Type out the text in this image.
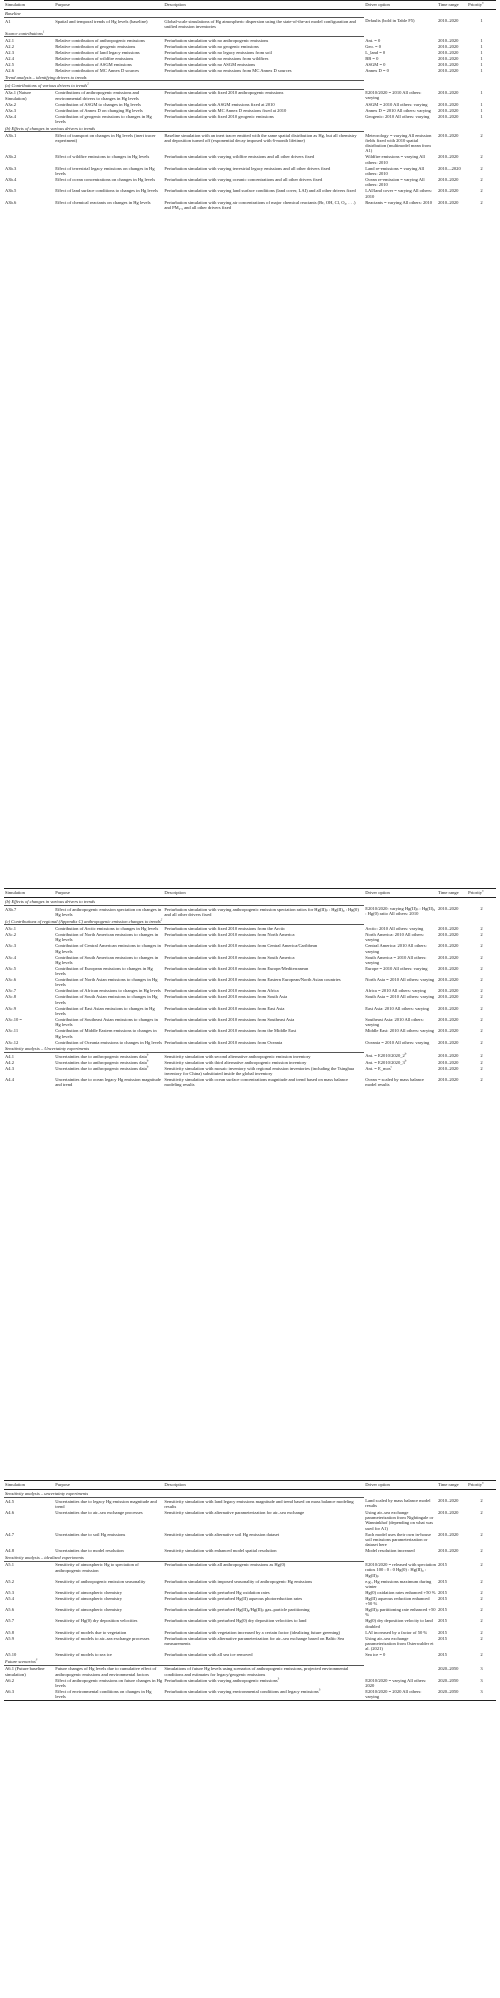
Simulation	Purpose	Description	Driver option	Time range	Priority$^a$
Baseline					
A1	Spatial and temporal trends of Hg levels (baseline)	Global-scale simulations of Hg atmospheric dispersion using the state-of-the-art model configuration and unified emission inventories	Defaults (bold in Table F5)	2010–2020	1
Source contributions$^1$	
A2.1	Relative contribution of anthropogenic emissions	Perturbation simulation with no anthropogenic emissions	Ant. = 0	2010–2020	1
A2.2	Relative contribution of geogenic emissions	Perturbation simulation with no geogenic emissions	Geo. = 0	2010–2020	1
A2.3	Relative contribution of land legacy emissions	Perturbation simulation with no legacy emissions from soil	L_land = 0	2010–2020	1
A2.4	Relative contribution of wildfire emissions	Perturbation simulation with no emissions from wildfires	BB = 0	2010–2020	1
A2.5	Relative contribution of ASGM emissions	Perturbation simulation with no ASGM emissions	ASGM = 0	2010–2020	1
A2.6	Relative contribution of MC Annex D sources	Perturbation simulation with no emissions from MC Annex D sources	Annex D = 0	2010–2020	1
Trend analysis – identifying drivers to trends					
(a) Contributions of various drivers to trends$^2$	
A3a.1 (Nature Simulation)	Contributions of anthropogenic emissions and environmental drivers to changes in Hg levels	Perturbation simulation with fixed 2010 anthropogenic emissions	E2010/2020 = 2010 All others: varying	2010–2020	1
A3a.2	Contribution of ASGM to changes in Hg levels	Perturbation simulation with ASGM emissions fixed at 2010	ASGM = 2010 All others: varying	2010–2020	1
A3a.3	Contribution of Annex D on changing Hg levels	Perturbation simulation with MC Annex D emissions fixed at 2010	Annex D = 2010 All others: varying	2010–2020	1
A3a.4	Contribution of geogenic emissions to changes in Hg levels	Perturbation simulation with fixed 2010 geogenic emissions	Geogenic: 2010 All others: varying	2010–2020	1
(b) Effects of changes in various drivers to trends					
A3b.1	Effect of transport on changes in Hg levels (inert tracer experiment)	Baseline simulation with an inert tracer emitted with the same spatial distribution as Hg, but all chemistry and deposition turned off (exponential decay imposed with 6-month lifetime)	Meteorology = varying All emission fields fixed with 2010 spatial distribution (multimodel mean from A1)	2010–2020	2
A3b.2	Effect of wildfire emissions to changes in Hg levels	Perturbation simulation with varying wildfire emissions and all other drivers fixed	Wildfire emissions = varying All others: 2010	2010–2020	2
A3b.3	Effect of terrestrial legacy emissions on changes in Hg levels	Perturbation simulation with varying terrestrial legacy emissions and all other drivers fixed	Land re-emissions = varying All others: 2010	2010—2020	2
A3b.4	Effect of ocean concentrations on changes in Hg levels	Perturbation simulation with varying oceanic concentrations and all other drivers fixed	Ocean re-emission = varying All others: 2010	2010–2020	2
A3b.5	Effect of land surface conditions to changes in Hg levels	Perturbation simulation with varying land surface conditions (land cover, LAI) and all other drivers fixed	LAI/land cover = varying All others: 2010	2010–2020	2
A3b.6	Effect of chemical reactants on changes in Hg levels	Perturbation simulation with varying air concentrations of major chemical reactants (Br, OH, Cl, O₃, . . .) and PM₂.₅ and all other drivers fixed	Reactants = varying All others: 2010	2010–2020	2
Simulation	Purpose	Description	Driver option	Time range	Priority$^a$
(b) Effects of changes in various drivers to trends					
A3b.7	Effect of anthropogenic emission speciation on changes in Hg levels	Perturbation simulation with varying anthropogenic emission speciation ratios for Hg(II)ₚ : Hg(II)₉ : Hg(0) and all other drivers fixed	E2010/2020: varying Hg(II)ₚ : Hg(II)₉ : Hg(0) ratio All others: 2010	2010–2020	2
(c) Contributions of regional (Appendix C) anthropogenic emission changes to trends$^2$	
A3c.1	Contribution of Arctic emissions to changes in Hg levels	Perturbation simulation with fixed 2010 emissions from the Arctic	Arctic: 2010 All others: varying	2010–2020	2
A3c.2	Contribution of North American emissions to changes in Hg levels	Perturbation simulation with fixed 2010 emissions from North America	North America: 2010 All others: varying	2010–2020	2
A3c.3	Contribution of Central American emissions to changes in Hg levels	Perturbation simulation with fixed 2010 emissions from Central America/Caribbean	Central America: 2010 All others: varying	2010–2020	2
A3c.4	Contribution of South American emissions to changes in Hg levels	Perturbation simulation with fixed 2010 emissions from South America	South America = 2010 All others: varying	2010–2020	2
A3c.5	Contribution of European emissions to changes in Hg levels	Perturbation simulation with fixed 2010 emissions from Europe/Mediterranean	Europe = 2010 All others: varying	2010–2020	2
A3c.6	Contribution of North Asian emissions to changes in Hg levels	Perturbation simulation with fixed 2010 emissions from Eastern European/North Asian countries	North Asia = 2010 All others: varying	2010–2020	2
A3c.7	Contribution of African emissions to changes in Hg levels	Perturbation simulation with fixed 2010 emissions from Africa	Africa = 2010 All others: varying	2010–2020	2
A3c.8	Contribution of South Asian emissions to changes in Hg levels	Perturbation simulation with fixed 2010 emissions from South Asia	South Asia = 2010 All others: varying	2010–2020	2
A3c.9	Contribution of East Asian emissions to changes in Hg levels	Perturbation simulation with fixed 2010 emissions from East Asia	East Asia: 2010 All others: varying	2010–2020	2
A3c.10 =	Contribution of Southeast Asian emissions to changes in Hg levels	Perturbation simulation with fixed 2010 emissions from Southeast Asia	Southeast Asia: 2010 All others: varying	2010–2020	2
A3c.11	Contribution of Middle Eastern emissions to changes in Hg levels	Perturbation simulation with fixed 2010 emissions from the Middle East	Middle East: 2010 All others: varying	2010–2020	2
A3c.12	Contribution of Oceania emissions to changes in Hg levels	Perturbation simulation with fixed 2010 emissions from Oceania	Oceania = 2010 All others: varying	2010–2020	2
Sensitivity analysis – Uncertainty experiments					
A4.1	Uncertainties due to anthropogenic emissions data$^b$	Sensitivity simulation with second alternative anthropogenic emission inventory	Ant. = $E2010/2020\_2^b$	2010–2020	2
A4.2	Uncertainties due to anthropogenic emissions data$^b$	Sensitivity simulation with third alternative anthropogenic emission inventory	Ant. = $E2010/2020\_3^b$	2010–2020	2
A4.3	Uncertainties due to anthropogenic emissions data$^b$	Sensitivity simulation with mosaic inventory with regional emission inventories (including the Tsinghua inventory for China) substituted inside the global inventory	Ant. = E_mos$^c$	2010–2020	2
A4.4	Uncertainties due to ocean legacy Hg emission magnitude and trend	Sensitivity simulation with ocean surface concentrations magnitude and trend based on mass balance modeling results	Ocean = scaled by mass balance model results	2010–2020	2
Simulation	Purpose	Description	Driver option	Time range	Priority$^a$
Sensitivity analysis – uncertainty experiments					
A4.5	Uncertainties due to legacy Hg emission magnitude and trend	Sensitivity simulation with land legacy emissions magnitude and trend based on mass balance modeling results	Land scaled by mass balance model results	2010–2020	2
A4.6	Uncertainties due to air–sea exchange processes	Sensitivity simulation with alternative parameterization for air–sea exchange	Using air–sea exchange parameterization from Nightingale or Wanninkhof (depending on what was used for A1)	2010–2020	2
A4.7	Uncertainties due to soil Hg emissions	Sensitivity simulation with alternative soil Hg emission dataset	Each model uses their own in-house soil emissions parameterization or dataset here	2010–2020	2
A4.8	Uncertainties due to model resolution	Sensitivity simulation with enhanced model spatial resolution	Model resolution increased	2010–2020	2
Sensitivity analysis – idealized experiments					
A5.1	Sensitivity of atmospheric Hg to speciation of anthropogenic emission	Perturbation simulation with all anthropogenic emissions as Hg(0)	E2010/2020 = released with speciation ratios 100 : 0 : 0 Hg(0) : Hg(II)₉ : Hg(II)ₚ	2015	2
A5.2	Sensitivity of anthropogenic emission seasonality	Perturbation simulation with imposed seasonality of anthropogenic Hg emissions	e.g., Hg emissions maximum during winter	2015	2
A5.3	Sensitivity of atmospheric chemistry	Perturbation simulation with perturbed Hg oxidation rates	Hg(0) oxidation rates enhanced +50 %	2015	2
A5.4	Sensitivity of atmospheric chemistry	Perturbation simulation with perturbed Hg(II) aqueous photoreduction rates	Hg(II) aqueous reduction enhanced +50 %	2015	2
A5.6	Sensitivity of atmospheric chemistry	Perturbation simulation with perturbed Hg(II)₉/Hg(II)ₚ gas–particle partitioning	Hg(II)ₚ partitioning rate enhanced +50 %	2015	2
A5.7	Sensitivity of Hg(0) dry deposition velocities	Perturbation simulation with perturbed Hg(0) dry deposition velocities to land	Hg(0) dry deposition velocity to land doubled	2015	2
A5.8	Sensitivity of models due to vegetation	Perturbation simulation with vegetation increased by a certain factor (idealizing future greening)	LAI increased by a factor of 50 %	2015	2
A5.9	Sensitivity of models to air–sea exchange processes	Perturbation simulation with alternative parameterization for air–sea exchange based on Baltic Sea measurements	Using air–sea exchange parameterization from Osterwalder et al. (2021)	2015	2
A5.10	Sensitivity of models to sea ice	Perturbation simulation with all sea ice removed	Sea ice = 0	2015	2
Future scenarios$^3$	
A6.1 (Future baseline simulation)	Future changes of Hg levels due to cumulative effect of anthropogenic emissions and environmental factors	Simulations of future Hg levels using scenarios of anthropogenic emissions, projected environmental conditions and estimates for legacy/geogenic emissions		2020–2050	3
A6.2	Effect of anthropogenic emissions on future changes in Hg levels	Perturbation simulation with varying anthropogenic emissions$^3$	E2010/2020 = varying All others: 2020	2020–2050	3
A6.3	Effect of environmental conditions on changes in Hg levels	Perturbation simulation with varying environmental conditions and legacy emissions$^3$	E2010/2020 = 2020 All others: varying	2020–2050	3
